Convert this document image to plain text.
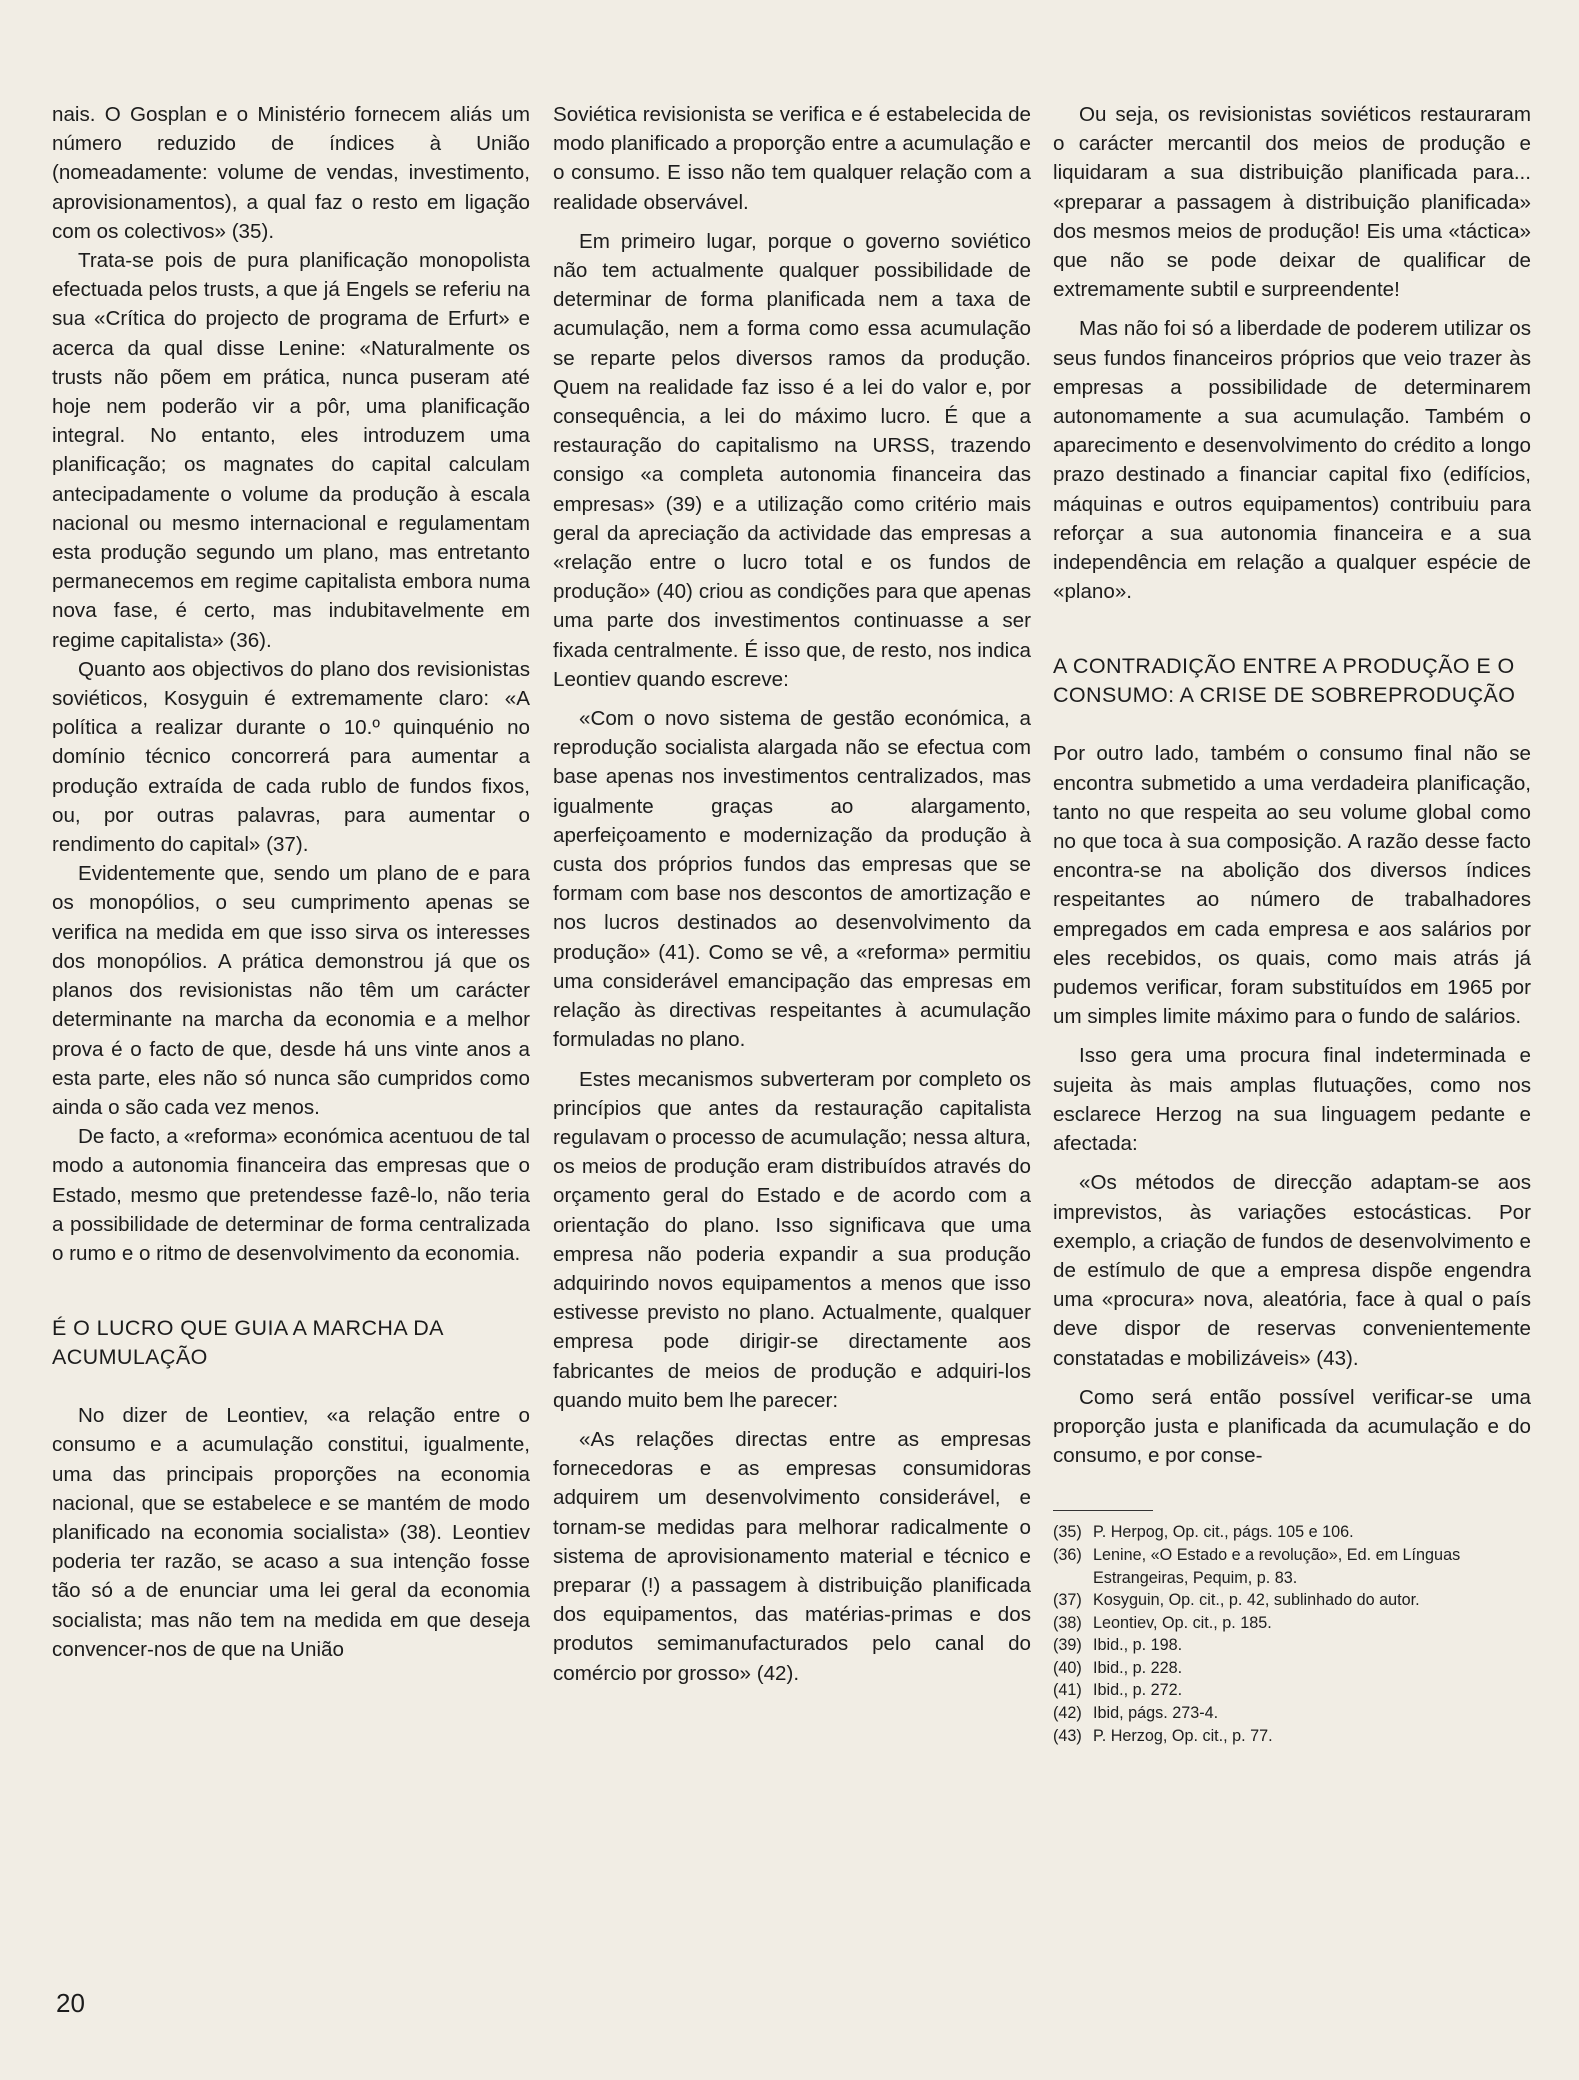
nais. O Gosplan e o Ministério fornecem aliás um número reduzido de índices à União (nomeadamente: volume de vendas, investimento, aprovisionamentos), a qual faz o resto em ligação com os colectivos» (35).

Trata-se pois de pura planificação monopolista efectuada pelos trusts, a que já Engels se referiu na sua «Crítica do projecto de programa de Erfurt» e acerca da qual disse Lenine: «Naturalmente os trusts não põem em prática, nunca puseram até hoje nem poderão vir a pôr, uma planificação integral. No entanto, eles introduzem uma planificação; os magnates do capital calculam antecipadamente o volume da produção à escala nacional ou mesmo internacional e regulamentam esta produção segundo um plano, mas entretanto permanecemos em regime capitalista embora numa nova fase, é certo, mas indubitavelmente em regime capitalista» (36).

Quanto aos objectivos do plano dos revisionistas soviéticos, Kosyguin é extremamente claro: «A política a realizar durante o 10.º quinquénio no domínio técnico concorrerá para aumentar a produção extraída de cada rublo de fundos fixos, ou, por outras palavras, para aumentar o rendimento do capital» (37).

Evidentemente que, sendo um plano de e para os monopólios, o seu cumprimento apenas se verifica na medida em que isso sirva os interesses dos monopólios. A prática demonstrou já que os planos dos revisionistas não têm um carácter determinante na marcha da economia e a melhor prova é o facto de que, desde há uns vinte anos a esta parte, eles não só nunca são cumpridos como ainda o são cada vez menos.

De facto, a «reforma» económica acentuou de tal modo a autonomia financeira das empresas que o Estado, mesmo que pretendesse fazê-lo, não teria a possibilidade de determinar de forma centralizada o rumo e o ritmo de desenvolvimento da economia.

É O LUCRO QUE GUIA A MARCHA DA ACUMULAÇÃO

No dizer de Leontiev, «a relação entre o consumo e a acumulação constitui, igualmente, uma das principais proporções na economia nacional, que se estabelece e se mantém de modo planificado na economia socialista» (38). Leontiev poderia ter razão, se acaso a sua intenção fosse tão só a de enunciar uma lei geral da economia socialista; mas não tem na medida em que deseja convencer-nos de que na União

Soviética revisionista se verifica e é estabelecida de modo planificado a proporção entre a acumulação e o consumo. E isso não tem qualquer relação com a realidade observável.

Em primeiro lugar, porque o governo soviético não tem actualmente qualquer possibilidade de determinar de forma planificada nem a taxa de acumulação, nem a forma como essa acumulação se reparte pelos diversos ramos da produção. Quem na realidade faz isso é a lei do valor e, por consequência, a lei do máximo lucro. É que a restauração do capitalismo na URSS, trazendo consigo «a completa autonomia financeira das empresas» (39) e a utilização como critério mais geral da apreciação da actividade das empresas a «relação entre o lucro total e os fundos de produção» (40) criou as condições para que apenas uma parte dos investimentos continuasse a ser fixada centralmente. É isso que, de resto, nos indica Leontiev quando escreve:

«Com o novo sistema de gestão económica, a reprodução socialista alargada não se efectua com base apenas nos investimentos centralizados, mas igualmente graças ao alargamento, aperfeiçoamento e modernização da produção à custa dos próprios fundos das empresas que se formam com base nos descontos de amortização e nos lucros destinados ao desenvolvimento da produção» (41). Como se vê, a «reforma» permitiu uma considerável emancipação das empresas em relação às directivas respeitantes à acumulação formuladas no plano.

Estes mecanismos subverteram por completo os princípios que antes da restauração capitalista regulavam o processo de acumulação; nessa altura, os meios de produção eram distribuídos através do orçamento geral do Estado e de acordo com a orientação do plano. Isso significava que uma empresa não poderia expandir a sua produção adquirindo novos equipamentos a menos que isso estivesse previsto no plano. Actualmente, qualquer empresa pode dirigir-se directamente aos fabricantes de meios de produção e adquiri-los quando muito bem lhe parecer:

«As relações directas entre as empresas fornecedoras e as empresas consumidoras adquirem um desenvolvimento considerável, e tornam-se medidas para melhorar radicalmente o sistema de aprovisionamento material e técnico e preparar (!) a passagem à distribuição planificada dos equipamentos, das matérias-primas e dos produtos semimanufacturados pelo canal do comércio por grosso» (42).

Ou seja, os revisionistas soviéticos restauraram o carácter mercantil dos meios de produção e liquidaram a sua distribuição planificada para... «preparar a passagem à distribuição planificada» dos mesmos meios de produção! Eis uma «táctica» que não se pode deixar de qualificar de extremamente subtil e surpreendente!

Mas não foi só a liberdade de poderem utilizar os seus fundos financeiros próprios que veio trazer às empresas a possibilidade de determinarem autonomamente a sua acumulação. Também o aparecimento e desenvolvimento do crédito a longo prazo destinado a financiar capital fixo (edifícios, máquinas e outros equipamentos) contribuiu para reforçar a sua autonomia financeira e a sua independência em relação a qualquer espécie de «plano».

A CONTRADIÇÃO ENTRE A PRODUÇÃO E O CONSUMO: A CRISE DE SOBREPRODUÇÃO

Por outro lado, também o consumo final não se encontra submetido a uma verdadeira planificação, tanto no que respeita ao seu volume global como no que toca à sua composição. A razão desse facto encontra-se na abolição dos diversos índices respeitantes ao número de trabalhadores empregados em cada empresa e aos salários por eles recebidos, os quais, como mais atrás já pudemos verificar, foram substituídos em 1965 por um simples limite máximo para o fundo de salários.

Isso gera uma procura final indeterminada e sujeita às mais amplas flutuações, como nos esclarece Herzog na sua linguagem pedante e afectada:

«Os métodos de direcção adaptam-se aos imprevistos, às variações estocásticas. Por exemplo, a criação de fundos de desenvolvimento e de estímulo de que a empresa dispõe engendra uma «procura» nova, aleatória, face à qual o país deve dispor de reservas convenientemente constatadas e mobilizáveis» (43).

Como será então possível verificar-se uma proporção justa e planificada da acumulação e do consumo, e por conse-

(35) P. Herpog, Op. cit., págs. 105 e 106.
(36) Lenine, «O Estado e a revolução», Ed. em Línguas Estrangeiras, Pequim, p. 83.
(37) Kosyguin, Op. cit., p. 42, sublinhado do autor.
(38) Leontiev, Op. cit., p. 185.
(39) Ibid., p. 198.
(40) Ibid., p. 228.
(41) Ibid., p. 272.
(42) Ibid, págs. 273-4.
(43) P. Herzog, Op. cit., p. 77.
20
